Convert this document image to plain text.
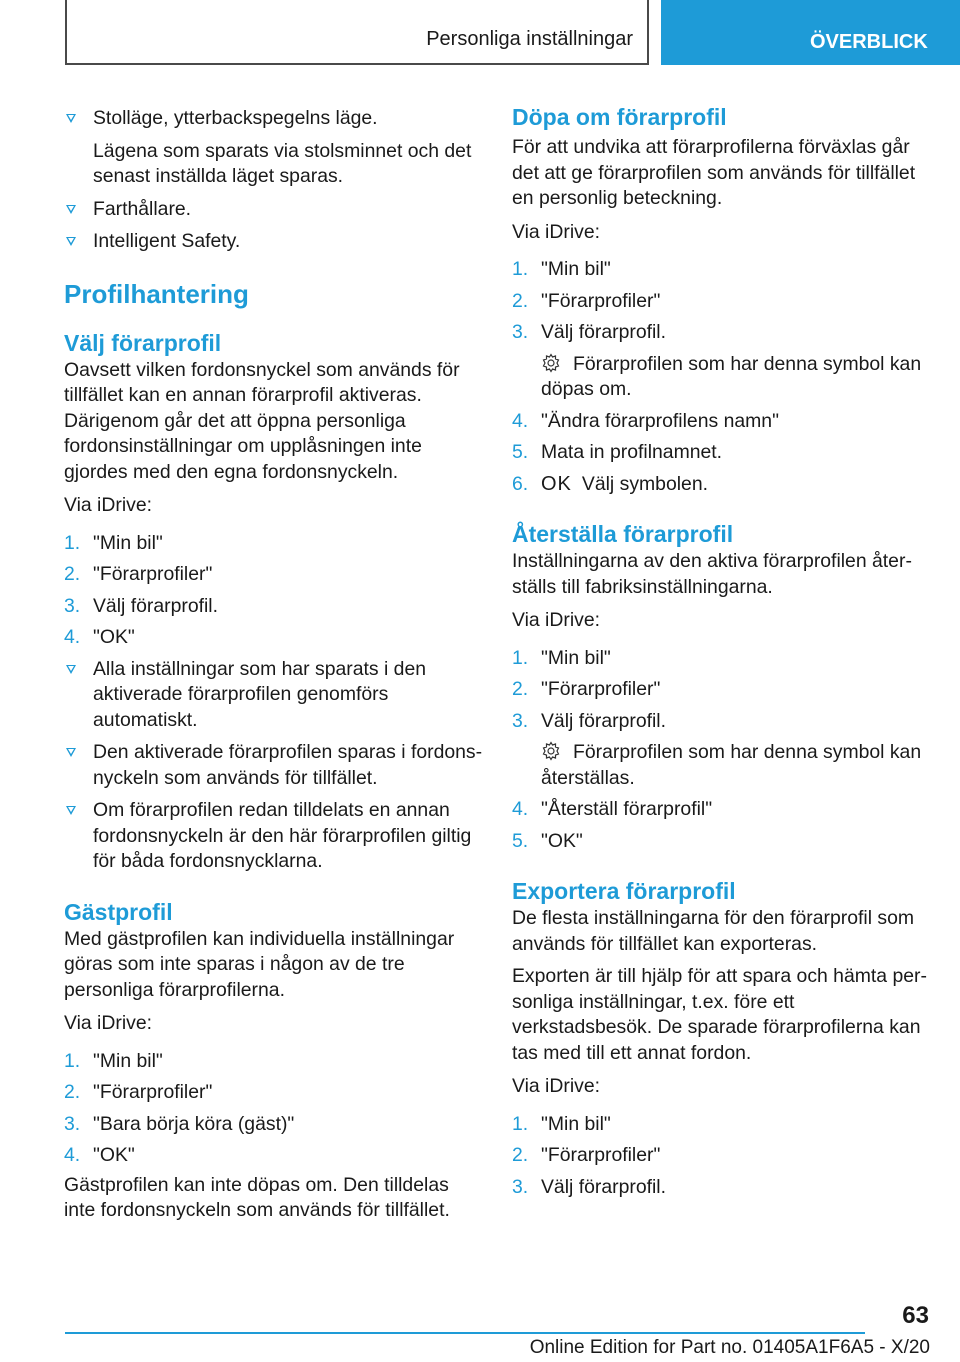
Personliga inställningar	ÖVERBLICK

Stolläge, ytterbackspegelns läge.

Lägena som sparats via stolsminnet och det senast inställda läget sparas.

Farthållare.

Intelligent Safety.

Profilhantering
Välj förarprofil

Oavsett vilken fordonsnyckel som används för tillfället kan en annan förarprofil aktiveras. Därigenom går det att öppna personliga fordonsinställningar om upplåsningen inte gjordes med den egna fordonsnyckeln.

Via iDrive:

1. "Min bil"
2. "Förarprofiler"
3. Välj förarprofil.
4. "OK"

Alla inställningar som har sparats i den aktiverade förarprofilen genomförs automatiskt.

Den aktiverade förarprofilen sparas i fordonsnyckeln som används för tillfället.

Om förarprofilen redan tilldelats en annan fordonsnyckeln är den här förarprofilen giltig för båda fordonsnycklarna.

Gästprofil

Med gästprofilen kan individuella inställningar göras som inte sparas i någon av de tre personliga förarprofilerna.

Via iDrive:

1. "Min bil"
2. "Förarprofiler"
3. "Bara börja köra (gäst)"
4. "OK"

Gästprofilen kan inte döpas om. Den tilldelas inte fordonsnyckeln som används för tillfället.

Döpa om förarprofil

För att undvika att förarprofilerna förväxlas går det att ge förarprofilen som används för tillfället en personlig beteckning.

Via iDrive:

1. "Min bil"
2. "Förarprofiler"
3. Välj förarprofil.
Förarprofilen som har denna symbol kan döpas om.
4. "Ändra förarprofilens namn"
5. Mata in profilnamnet.
6. OK Välj symbolen.
Återställa förarprofil

Inställningarna av den aktiva förarprofilen återställs till fabriksinställningarna.

Via iDrive:

1. "Min bil"
2. "Förarprofiler"
3. Välj förarprofil.
Förarprofilen som har denna symbol kan återställas.
4. "Återställ förarprofil"
5. "OK"
Exportera förarprofil

De flesta inställningarna för den förarprofil som används för tillfället kan exporteras.

Exporten är till hjälp för att spara och hämta personliga inställningar, t.ex. före ett verkstadsbesök. De sparade förarprofilerna kan tas med till ett annat fordon.

Via iDrive:

1. "Min bil"
2. "Förarprofiler"
3. Välj förarprofil.
63
Online Edition for Part no. 01405A1F6A5 - X/20
